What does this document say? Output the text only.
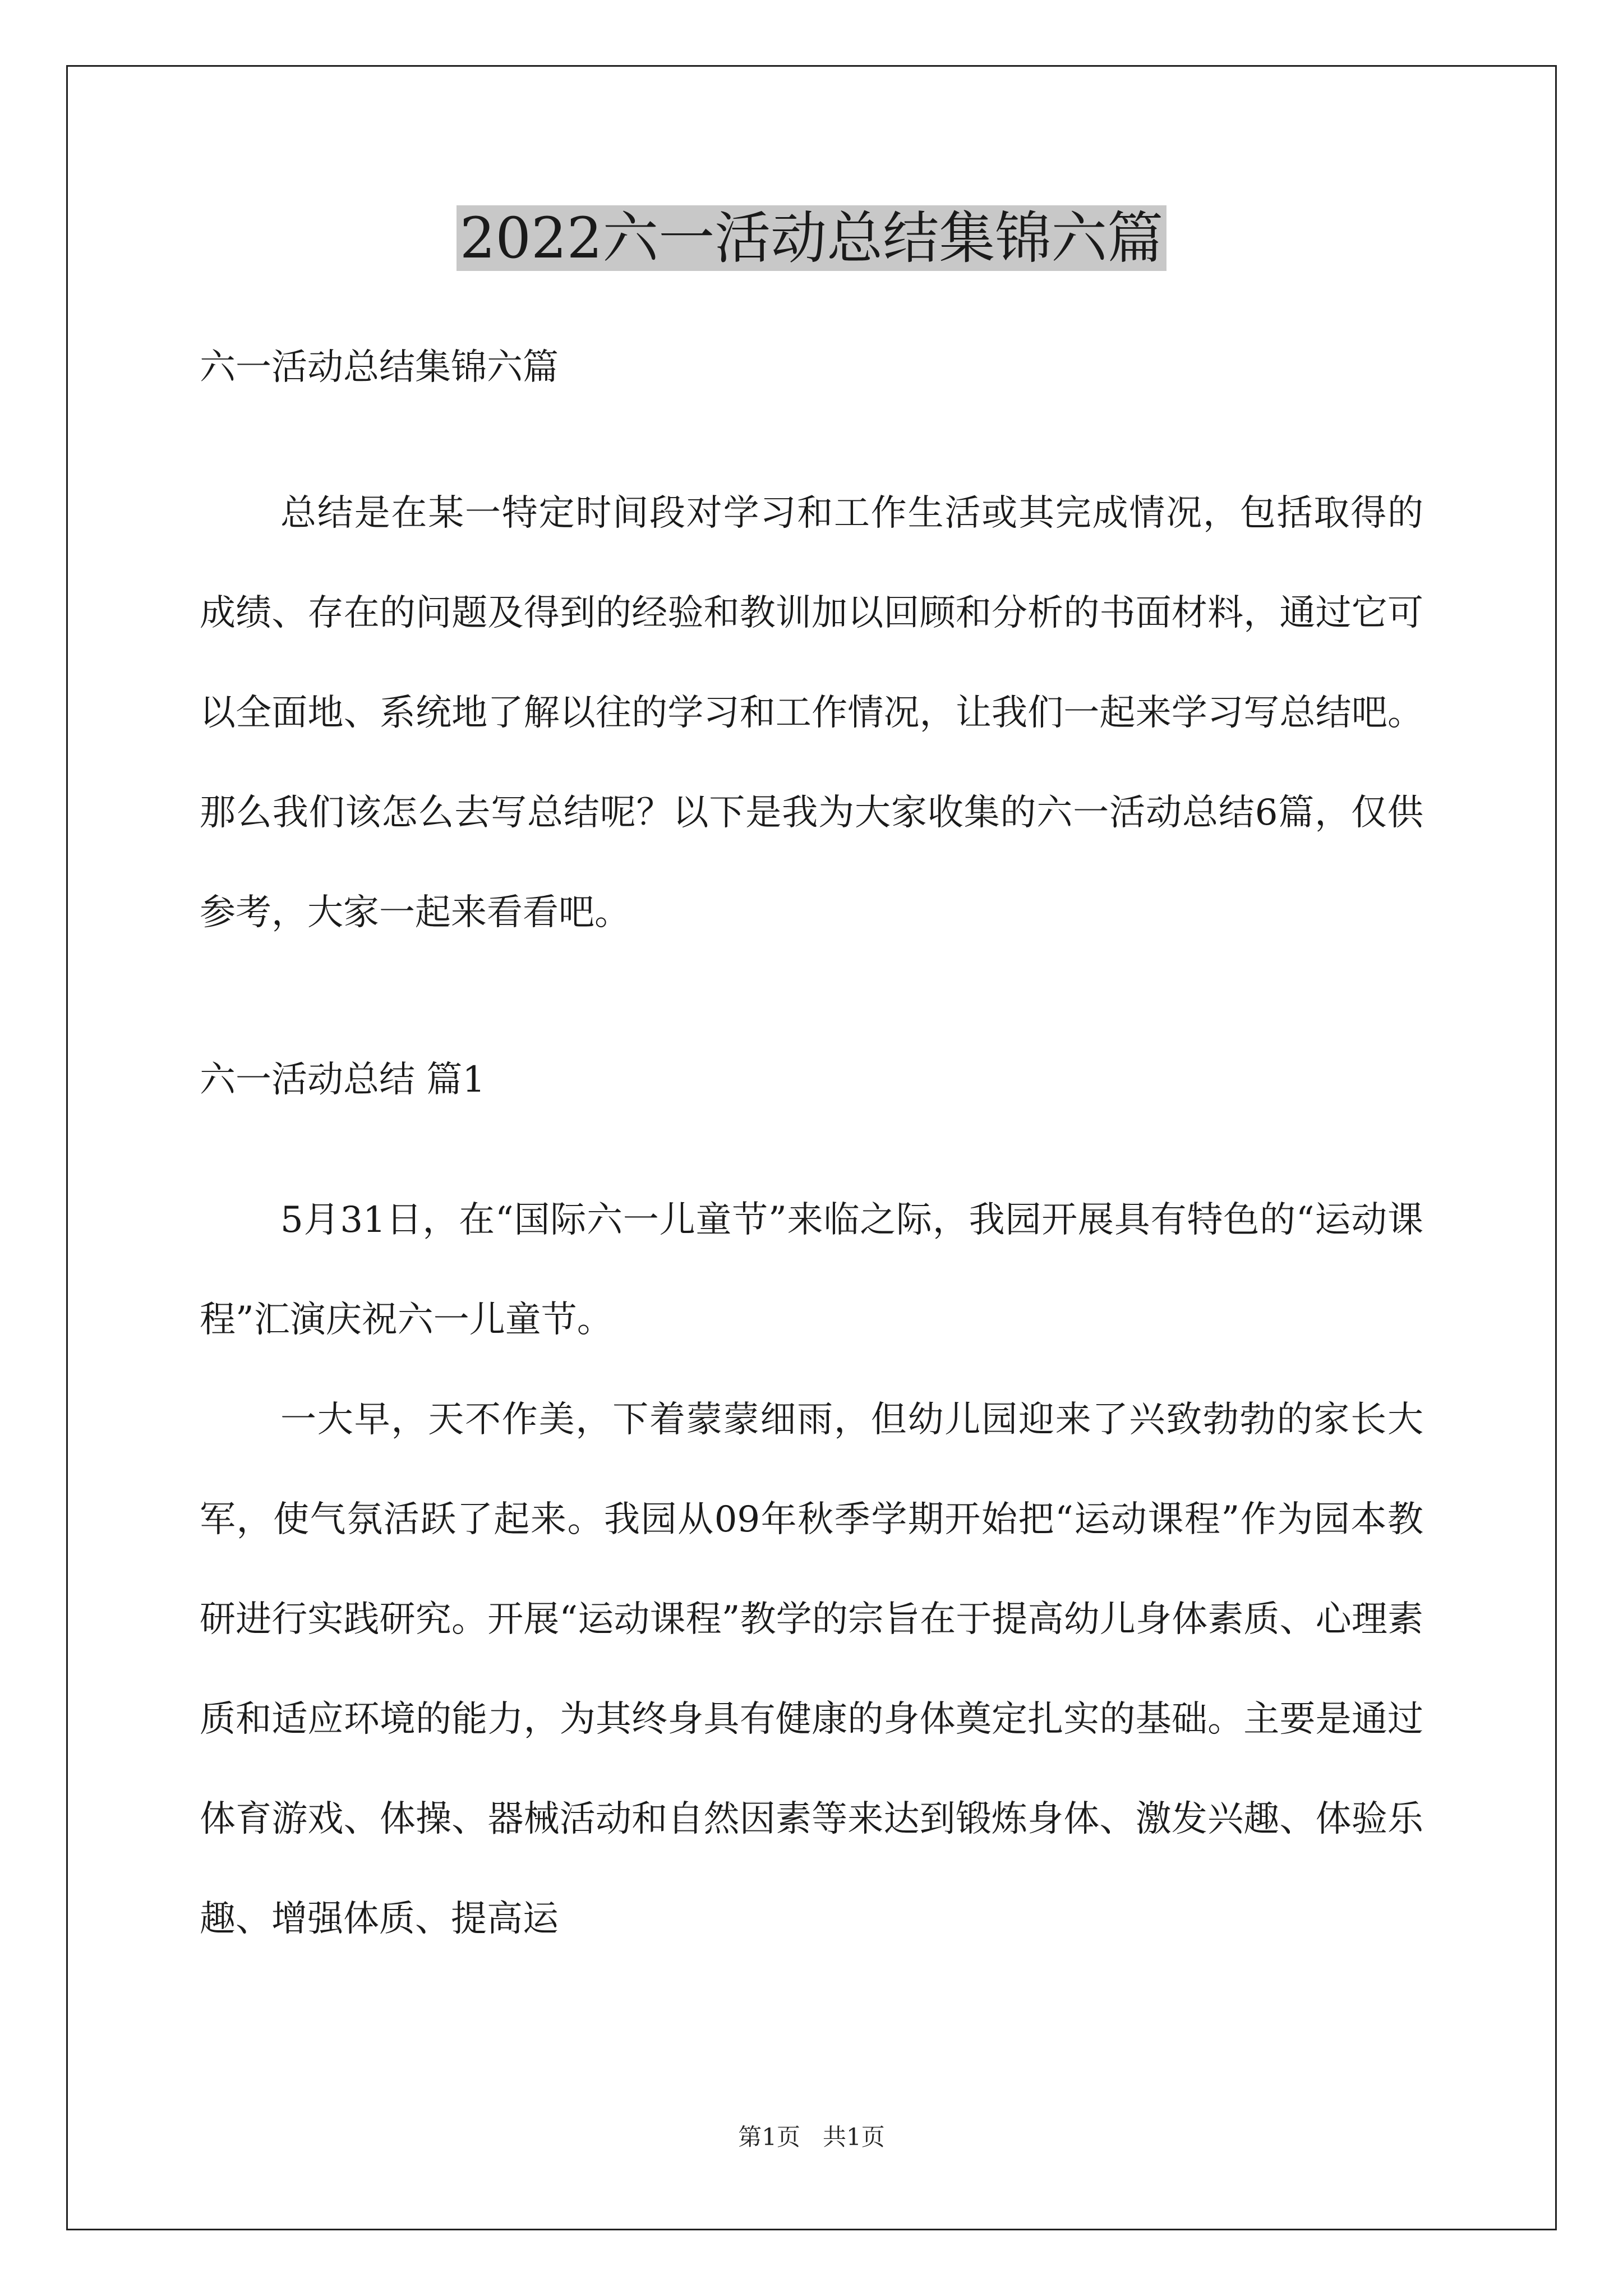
2022六一活动总结集锦六篇

六一活动总结集锦六篇

总结是在某一特定时间段对学习和工作生活或其完成情况，包括取得的成绩、存在的问题及得到的经验和教训加以回顾和分析的书面材料，通过它可以全面地、系统地了解以往的学习和工作情况，让我们一起来学习写总结吧。那么我们该怎么去写总结呢？以下是我为大家收集的六一活动总结6篇，仅供参考，大家一起来看看吧。

六一活动总结 篇1

5月31日，在“国际六一儿童节”来临之际，我园开展具有特色的“运动课程”汇演庆祝六一儿童节。

一大早，天不作美，下着蒙蒙细雨，但幼儿园迎来了兴致勃勃的家长大军，使气氛活跃了起来。我园从09年秋季学期开始把“运动课程”作为园本教研进行实践研究。开展“运动课程”教学的宗旨在于提高幼儿身体素质、心理素质和适应环境的能力，为其终身具有健康的身体奠定扎实的基础。主要是通过体育游戏、体操、器械活动和自然因素等来达到锻炼身体、激发兴趣、体验乐趣、增强体质、提高运

第1页 共1页
